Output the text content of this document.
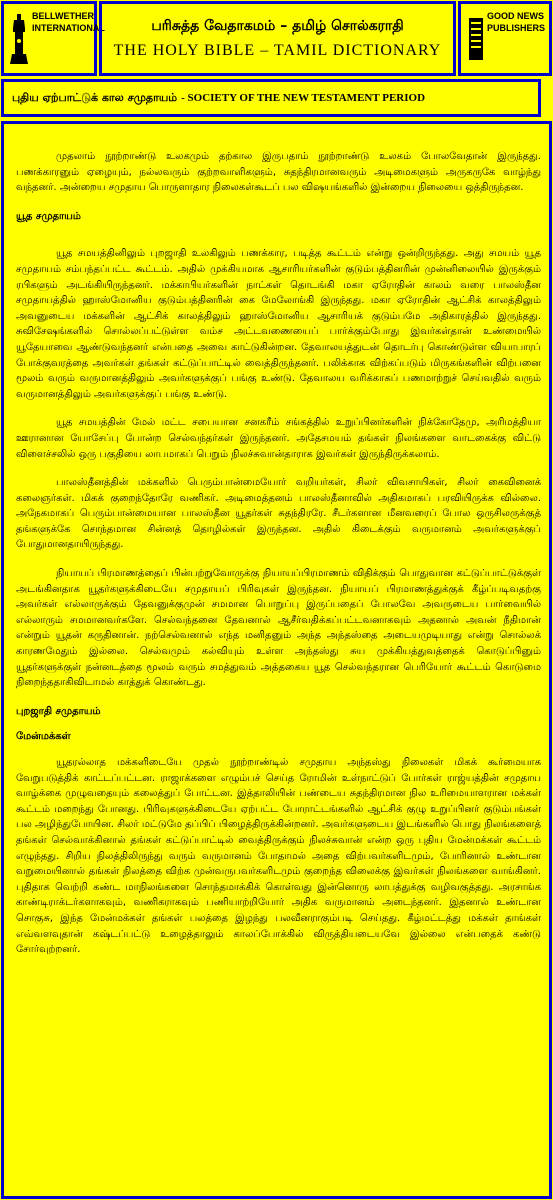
BELLWETHER
INTERNATIONAL	பரிசுத்த வேதாகமம் – தமிழ் சொல்கராதி
THE HOLY BIBLE – TAMIL DICTIONARY
GOOD NEWS
PUBLISHERS
புதிய ஏற்பாட்டுக் கால சமுதாயம் - SOCIETY OF THE NEW TESTAMENT PERIOD

முதலாம் நூற்றாண்டு உலகமும் தற்கால இருபதாம் நூற்றாண்டு உலகம் போலவேதான் இருந்தது. பணக்காரனும் ஏழையும், நல்லவரும் குற்றவாளிகளும், சுதந்திரமானவரும் அடிமைகளும் அருகருகே வாழ்ந்து வந்தனர். அன்றைய சமுதாய பொருளாதார நிலைகள்கூடப் பல விஷயங்களில் இன்றைய நிலையை ஒத்திருந்தன.

யூத சமுதாயம்

யூத சமயத்தினிலும் புறஜாதி உலகிலும் பணக்கார, படித்த கூட்டம் என்று ஒன்றிருந்தது. அது சமயம் யூத சமுதாயம் சம்பந்தப்பட்ட கூட்டம். அதில் முக்கியமாக ஆசாரியர்களின் குடும்பத்தினரின் முன்னிலையில் இருக்கும் ரபிகளும் அடங்கியிருந்தனர். மக்காபியர்களின் நாட்கள் தொடங்கி மகா ஏரோதின் காலம் வரை பாலஸ்தீன சமுதாயத்தில் ஹாஸ்மோனிய குடும்பத்தினரின் கை மேலோங்கி இருந்தது. மகா ஏரோதின் ஆட்சிக் காலத்திலும் அவனுடைய மக்களின் ஆட்சிக் காலத்திலும் ஹாஸ்மோனிய ஆசாரியக் குடும்பமே அதிகாரத்தில் இருந்தது. சுவிசேஷங்களில் சொல்லப்பட்டுள்ள வம்ச அட்டவணையைப் பார்க்கும்போது இவர்கள்தான் உண்மையில் யூதேயாவை ஆண்டுவந்தனர் என்பதை அவை காட்டுகின்றன. தேவாலயத்துடன் தொடர்பு கொண்டுள்ள வியாபாரப் போக்குவரத்தை அவர்கள் தங்கள் கட்டுப்பாட்டில் வைத்திருந்தனர். பலிக்காக விற்கப்படும் மிருகங்களின் விற்பனை மூலம் வரும் வருமானத்திலும் அவர்களுக்குப் பங்கு உண்டு. தேவாலய வரிக்காகப் பணமாற்றுச் செய்வதில் வரும் வருமானத்திலும் அவர்களுக்குப் பங்கு உண்டு.

யூத சமயத்தின் மேல் மட்ட சபையான சனகரீம் சங்கத்தில் உறுப்பினர்களின் நிக்கோதேமு, அரிமத்தியா ஊரானான யோசேப்பு போன்ற செல்வந்தர்கள் இருந்தனர். அதேசமயம் தங்கள் நிலங்களை வாடகைக்கு விட்டு விளைச்சலில் ஒரு பகுதியை லாபமாகப் பெறும் நிலச்சுவான்தாராக இவர்கள் இருந்திருக்கலாம்.

பாலஸ்தீனத்தின் மக்களில் பெரும்பான்மையோர் வறியர்கள், சிலர் விவசாயிகள், சிலர் கைவினைக் கலைஞர்கள். மிகக் குறைந்தோரே வணிகர். அடிமைத்தனம் பாலஸ்தீனாவில் அதிகமாகப் பரவியிருக்க வில்லை. அநேகமாகப் பெரும்பான்மையான பாலஸ்தீன யூதர்கள் சுதந்திரரே. சீடர்களான மீனவரைப் போல ஒருசிலருக்குத் தங்களுக்கே சொந்தமான சின்னத் தொழில்கள் இருந்தன. அதில் கிடைக்கும் வருமானம் அவர்களுக்குப் போதுமானதாயிருந்தது.

நியாயப் பிரமாணத்தைப் பின்பற்றுவோருக்கு நியாயப்பிரமாணம் விதிக்கும் பொதுவான கட்டுப்பாட்டுக்குள் அடங்கினதாக யூதர்களுக்கிடையே சமுதாயப் பிரிவுகள் இருந்தன. நியாயப் பிரமாணத்துக்குக் கீழ்ப்படிவதற்கு அவர்கள் எல்லாருக்கும் தேவனுக்குமுன் சமமான பொறுப்பு இருப்பதைப் போலவே அவருடைய பார்வையில் எல்லாரும் சமமானவர்களே. செல்வந்தனை தேவனால் ஆசீர்வதிக்கப்பட்டவனாகவும் அதனால் அவன் நீதிமான் என்றும் யூதன் கருதினான். நற்செல்வனால் எந்த மனிதனும் அந்த அந்தஸ்தை அடையமுடியாது என்று சொல்லக் காரணமேதும் இல்லை. செல்வமும் கல்வியும் உள்ள அந்தஸ்து சுய முக்கியத்துவத்தைக் கொடுப்பினும் யூதர்களுக்குள் நன்னடத்தை மூலம் வரும் சமத்துவம் அத்தகைய யூத செல்வந்தரான பெரியோர் கூட்டம் கொடுமை நிறைந்ததாகிவிடாமல் காத்துக் கொண்டது.

புறஜாதி சமுதாயம்
மேன்மக்கள்

யூதரல்லாத மக்களிடையே முதல் நூற்றாண்டில் சமுதாய அந்தஸ்து நிலைகள் மிகக் கூர்மையாக வேறுபடுத்திக் காட்டப்பட்டன. ராஜாக்களை எழும்பச் செய்த ரோமின் உள்நாட்டுப் போர்கள் ராஜ்யத்தின் சமுதாய வாழ்க்கை முழுவதையும் கலைத்துப் போட்டன. இத்தாலியின் பண்டைய சுதந்திரமான நில உரிமையாளரான மக்கள் கூட்டம் மறைந்து போனது. பிரிவுகளுக்கிடையே ஏற்பட்ட போராட்டங்களில் ஆட்சிக் குழு உறுப்பினர் குடும்பங்கள் பல அழிந்துபோயின. சிலர் மட்டுமே தப்பிப் பிழைத்திருக்கின்றனர். அவர்களுடைய இடங்களில் பொது நிலங்களைத் தங்கள் செல்வாக்கினால் தங்கள் கட்டுப்பாட்டில் வைத்திருக்கும் நிலச்சுவான் என்ற ஒரு புதிய மேன்மக்கள் கூட்டம் எழுந்தது. சிறிய நிலத்திலிருந்து வரும் வருமானம் போதாமல் அதை விற்பவர்களிடமும், போரினால் உண்டான வறுமையினால் தங்கள் நிலத்தை விற்க முன்வருபவர்களிடமும் குறைந்த விலைக்கு இவர்கள் நிலங்களை வாங்கினர். புதிதாக வெற்றி கண்ட மாநிலங்களை சொந்தமாக்கிக் கொள்வது இன்னொரு லாபத்துக்கு வழிவகுத்தது. அரசாங்க காண்டிராக்டர்களாகவும், வணிகராகவும் பணியாற்றியோர் அதிக வருமானம் அடைந்தனர். இதனால் உண்டான சொகுசு, இந்த மேன்மக்கள் தங்கள் பலத்தை இழந்து பலவீனராகும்படி செய்தது. கீழ்மட்டத்து மக்கள் தாங்கள் எவ்வளவுதான் கஷ்டப்பட்டு உழைத்தாலும் காலப்போக்கில் விருத்தியடையவே இல்லை என்பதைக் கண்டு சோர்வுற்றனர்.
